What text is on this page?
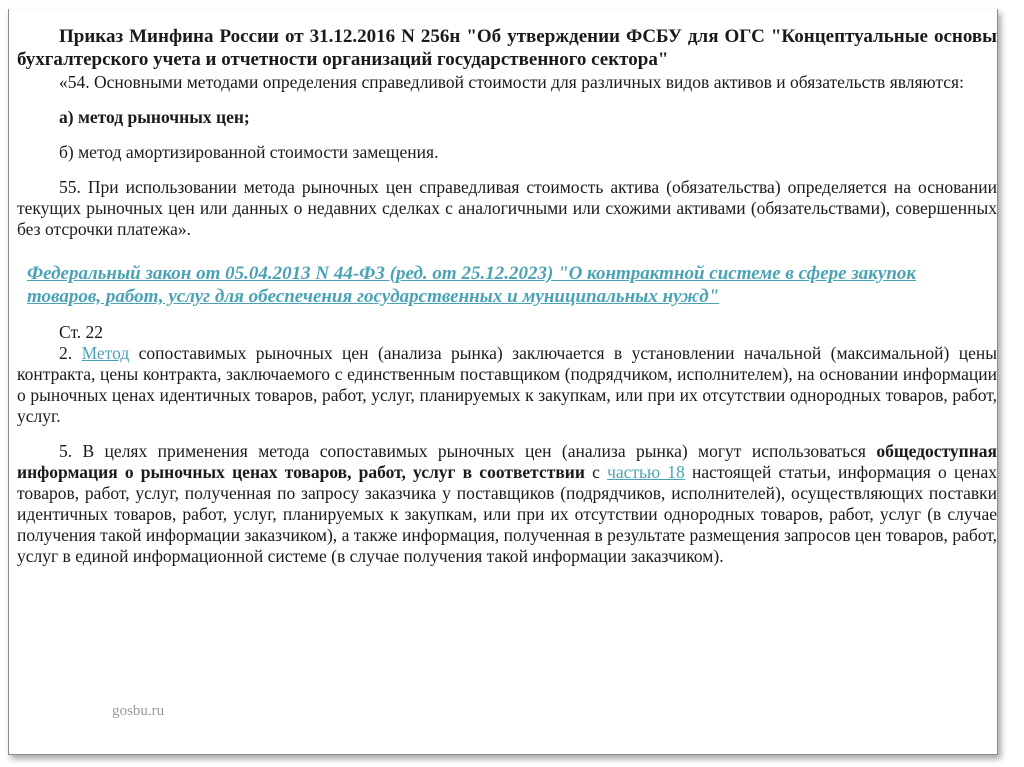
Приказ Минфина России от 31.12.2016 N 256н "Об утверждении ФСБУ для ОГС "Концептуальные основы бухгалтерского учета и отчетности организаций государственного сектора"

«54. Основными методами определения справедливой стоимости для различных видов активов и обязательств являются:

а) метод рыночных цен;

б) метод амортизированной стоимости замещения.

55. При использовании метода рыночных цен справедливая стоимость актива (обязательства) определяется на основании текущих рыночных цен или данных о недавних сделках с аналогичными или схожими активами (обязательствами), совершенных без отсрочки платежа».

Федеральный закон от 05.04.2013 N 44-ФЗ (ред. от 25.12.2023) "О контрактной системе в сфере закупок товаров, работ, услуг для обеспечения государственных и муниципальных нужд"

Ст. 22

2. Метод сопоставимых рыночных цен (анализа рынка) заключается в установлении начальной (максимальной) цены контракта, цены контракта, заключаемого с единственным поставщиком (подрядчиком, исполнителем), на основании информации о рыночных ценах идентичных товаров, работ, услуг, планируемых к закупкам, или при их отсутствии однородных товаров, работ, услуг.

5. В целях применения метода сопоставимых рыночных цен (анализа рынка) могут использоваться общедоступная информация о рыночных ценах товаров, работ, услуг в соответствии с частью 18 настоящей статьи, информация о ценах товаров, работ, услуг, полученная по запросу заказчика у поставщиков (подрядчиков, исполнителей), осуществляющих поставки идентичных товаров, работ, услуг, планируемых к закупкам, или при их отсутствии однородных товаров, работ, услуг (в случае получения такой информации заказчиком), а также информация, полученная в результате размещения запросов цен товаров, работ, услуг в единой информационной системе (в случае получения такой информации заказчиком).

gosbu.ru
